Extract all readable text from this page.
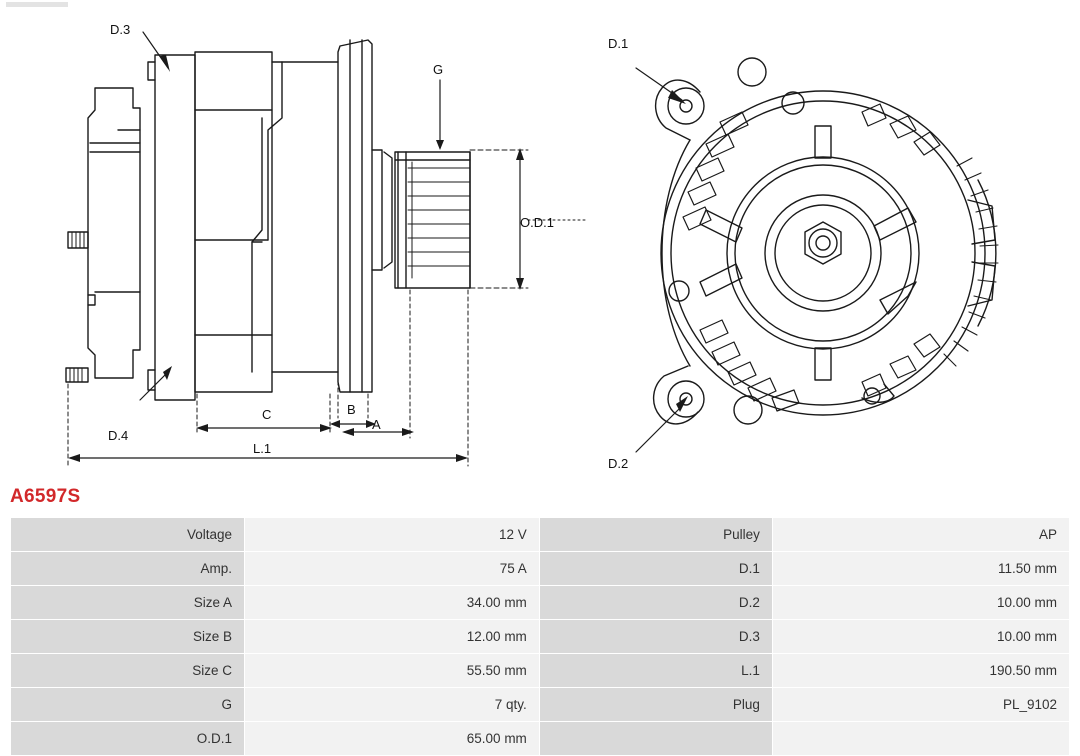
D.3
D.4
G
O.D.1
A
B
C
L.1
D.1
D.2
A6597S
Voltage	12 V	Pulley	AP
Amp.	75 A	D.1	11.50 mm
Size A	34.00 mm	D.2	10.00 mm
Size B	12.00 mm	D.3	10.00 mm
Size C	55.50 mm	L.1	190.50 mm
G	7 qty.	Plug	PL_9102
O.D.1	65.00 mm		
